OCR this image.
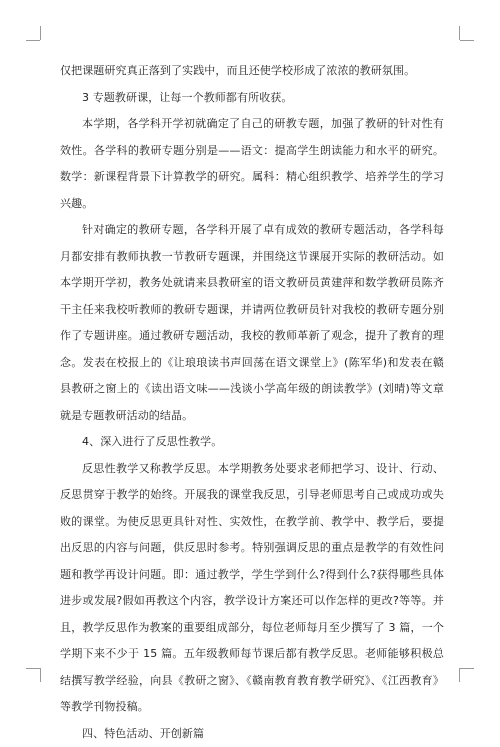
仅把课题研究真正落到了实践中，而且还使学校形成了浓浓的教研氛围。

3 专题教研课，让每一个教师都有所收获。

本学期，各学科开学初就确定了自己的研教专题，加强了教研的针对性有效性。各学科的教研专题分别是——语文：提高学生朗读能力和水平的研究。数学：新课程背景下计算教学的研究。属科：精心组织教学、培养学生的学习兴趣。

针对确定的教研专题，各学科开展了卓有成效的教研专题活动，各学科每月都安排有教师执教一节教研专题课，并围绕这节课展开实际的教研活动。如本学期开学初，教务处就请来县教研室的语文教研员黄建萍和数学教研员陈齐干主任来我校听教师的教研专题课，并请两位教研员针对我校的教研专题分别作了专题讲座。通过教研专题活动，我校的教师革新了观念，提升了教育的理念。发表在校报上的《让琅琅读书声回荡在语文课堂上》(陈军华)和发表在赣县教研之窗上的《读出语文味——浅谈小学高年级的朗读教学》(刘晴)等文章就是专题教研活动的结晶。

4、深入进行了反思性教学。

反思性教学又称教学反思。本学期教务处要求老师把学习、设计、行动、反思贯穿于教学的始终。开展我的课堂我反思，引导老师思考自己或成功或失败的课堂。为使反思更具针对性、实效性，在教学前、教学中、教学后，要提出反思的内容与问题，供反思时参考。特别强调反思的重点是教学的有效性问题和教学再设计问题。即：通过教学，学生学到什么?得到什么?获得哪些具体进步或发展?假如再教这个内容，教学设计方案还可以作怎样的更改?等等。并且，教学反思作为教案的重要组成部分，每位老师每月至少撰写了 3 篇，一个学期下来不少于 15 篇。五年级教师每节课后都有教学反思。老师能够积极总结撰写教学经验，向县《教研之窗》、《赣南教育教育教学研究》、《江西教育》等教学刊物投稿。

四、特色活动、开创新篇
